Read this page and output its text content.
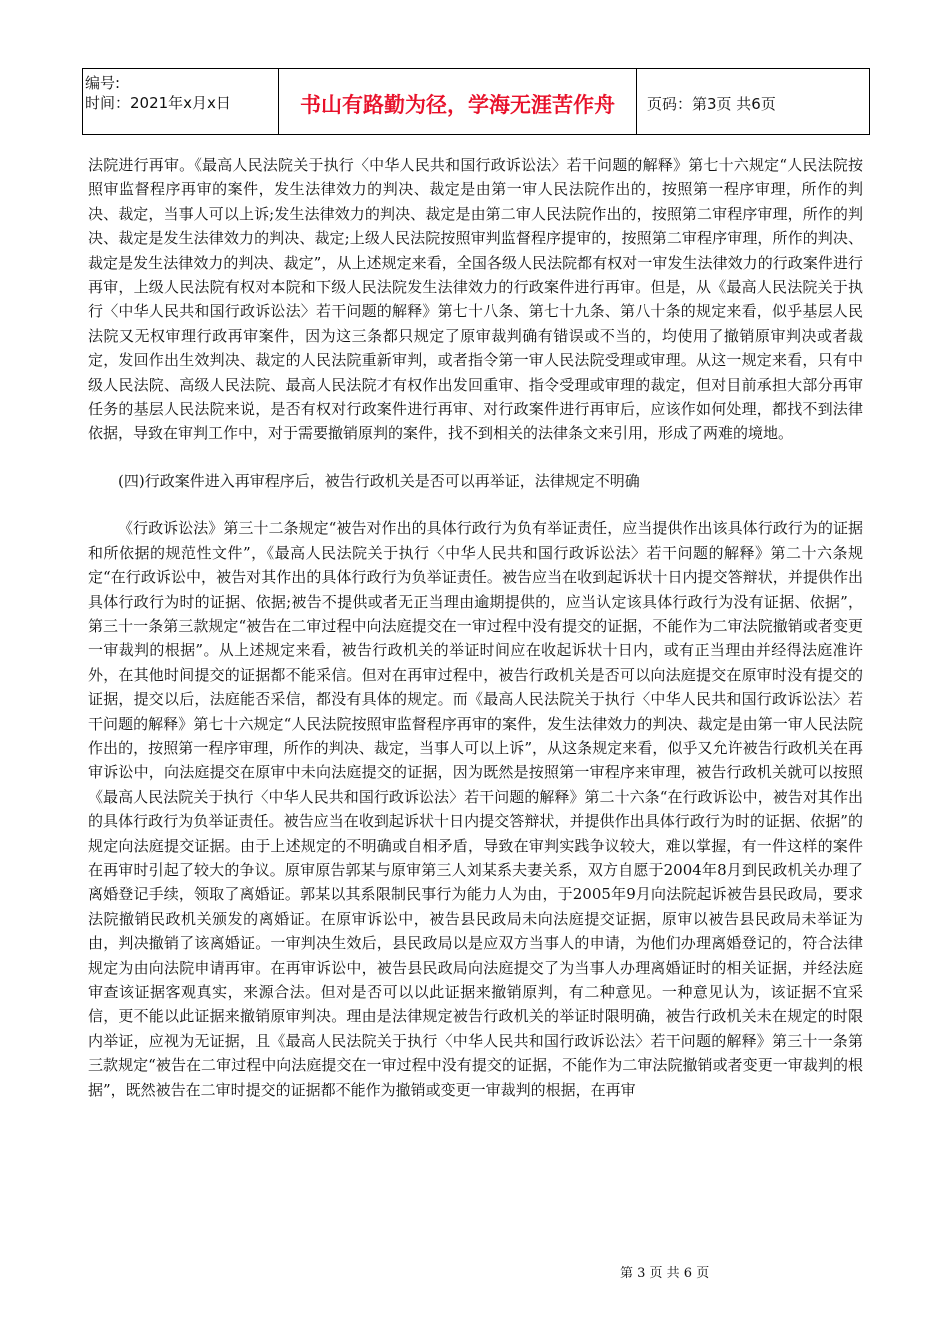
编号:
时间：2021年x月x日	书山有路勤为径，学海无涯苦作舟	页码：第3页 共6页

法院进行再审。《最高人民法院关于执行〈中华人民共和国行政诉讼法〉若干问题的解释》第七十六规定“人民法院按照审监督程序再审的案件，发生法律效力的判决、裁定是由第一审人民法院作出的，按照第一程序审理，所作的判决、裁定，当事人可以上诉;发生法律效力的判决、裁定是由第二审人民法院作出的，按照第二审程序审理，所作的判决、裁定是发生法律效力的判决、裁定;上级人民法院按照审判监督程序提审的，按照第二审程序审理，所作的判决、裁定是发生法律效力的判决、裁定”，从上述规定来看，全国各级人民法院都有权对一审发生法律效力的行政案件进行再审，上级人民法院有权对本院和下级人民法院发生法律效力的行政案件进行再审。但是，从《最高人民法院关于执行〈中华人民共和国行政诉讼法〉若干问题的解释》第七十八条、第七十九条、第八十条的规定来看，似乎基层人民法院又无权审理行政再审案件，因为这三条都只规定了原审裁判确有错误或不当的，均使用了撤销原审判决或者裁定，发回作出生效判决、裁定的人民法院重新审判，或者指令第一审人民法院受理或审理。从这一规定来看，只有中级人民法院、高级人民法院、最高人民法院才有权作出发回重审、指令受理或审理的裁定，但对目前承担大部分再审任务的基层人民法院来说，是否有权对行政案件进行再审、对行政案件进行再审后，应该作如何处理，都找不到法律依据，导致在审判工作中，对于需要撤销原判的案件，找不到相关的法律条文来引用，形成了两难的境地。

(四)行政案件进入再审程序后，被告行政机关是否可以再举证，法律规定不明确

《行政诉讼法》第三十二条规定“被告对作出的具体行政行为负有举证责任，应当提供作出该具体行政行为的证据和所依据的规范性文件”，《最高人民法院关于执行〈中华人民共和国行政诉讼法〉若干问题的解释》第二十六条规定“在行政诉讼中，被告对其作出的具体行政行为负举证责任。被告应当在收到起诉状十日内提交答辩状，并提供作出具体行政行为时的证据、依据;被告不提供或者无正当理由逾期提供的，应当认定该具体行政行为没有证据、依据”，第三十一条第三款规定“被告在二审过程中向法庭提交在一审过程中没有提交的证据，不能作为二审法院撤销或者变更一审裁判的根据”。从上述规定来看，被告行政机关的举证时间应在收起诉状十日内，或有正当理由并经得法庭准许外，在其他时间提交的证据都不能采信。但对在再审过程中，被告行政机关是否可以向法庭提交在原审时没有提交的证据，提交以后，法庭能否采信，都没有具体的规定。而《最高人民法院关于执行〈中华人民共和国行政诉讼法〉若干问题的解释》第七十六规定“人民法院按照审监督程序再审的案件，发生法律效力的判决、裁定是由第一审人民法院作出的，按照第一程序审理，所作的判决、裁定，当事人可以上诉”，从这条规定来看，似乎又允许被告行政机关在再审诉讼中，向法庭提交在原审中未向法庭提交的证据，因为既然是按照第一审程序来审理，被告行政机关就可以按照《最高人民法院关于执行〈中华人民共和国行政诉讼法〉若干问题的解释》第二十六条“在行政诉讼中，被告对其作出的具体行政行为负举证责任。被告应当在收到起诉状十日内提交答辩状，并提供作出具体行政行为时的证据、依据”的规定向法庭提交证据。由于上述规定的不明确或自相矛盾，导致在审判实践争议较大，难以掌握，有一件这样的案件在再审时引起了较大的争议。原审原告郭某与原审第三人刘某系夫妻关系，双方自愿于2004年8月到民政机关办理了离婚登记手续，领取了离婚证。郭某以其系限制民事行为能力人为由，于2005年9月向法院起诉被告县民政局，要求法院撤销民政机关颁发的离婚证。在原审诉讼中，被告县民政局未向法庭提交证据，原审以被告县民政局未举证为由，判决撤销了该离婚证。一审判决生效后，县民政局以是应双方当事人的申请，为他们办理离婚登记的，符合法律规定为由向法院申请再审。在再审诉讼中，被告县民政局向法庭提交了为当事人办理离婚证时的相关证据，并经法庭审查该证据客观真实，来源合法。但对是否可以以此证据来撤销原判，有二种意见。一种意见认为，该证据不宜采信，更不能以此证据来撤销原审判决。理由是法律规定被告行政机关的举证时限明确，被告行政机关未在规定的时限内举证，应视为无证据，且《最高人民法院关于执行〈中华人民共和国行政诉讼法〉若干问题的解释》第三十一条第三款规定“被告在二审过程中向法庭提交在一审过程中没有提交的证据，不能作为二审法院撤销或者变更一审裁判的根据”，既然被告在二审时提交的证据都不能作为撤销或变更一审裁判的根据，在再审

第 3 页 共 6 页
